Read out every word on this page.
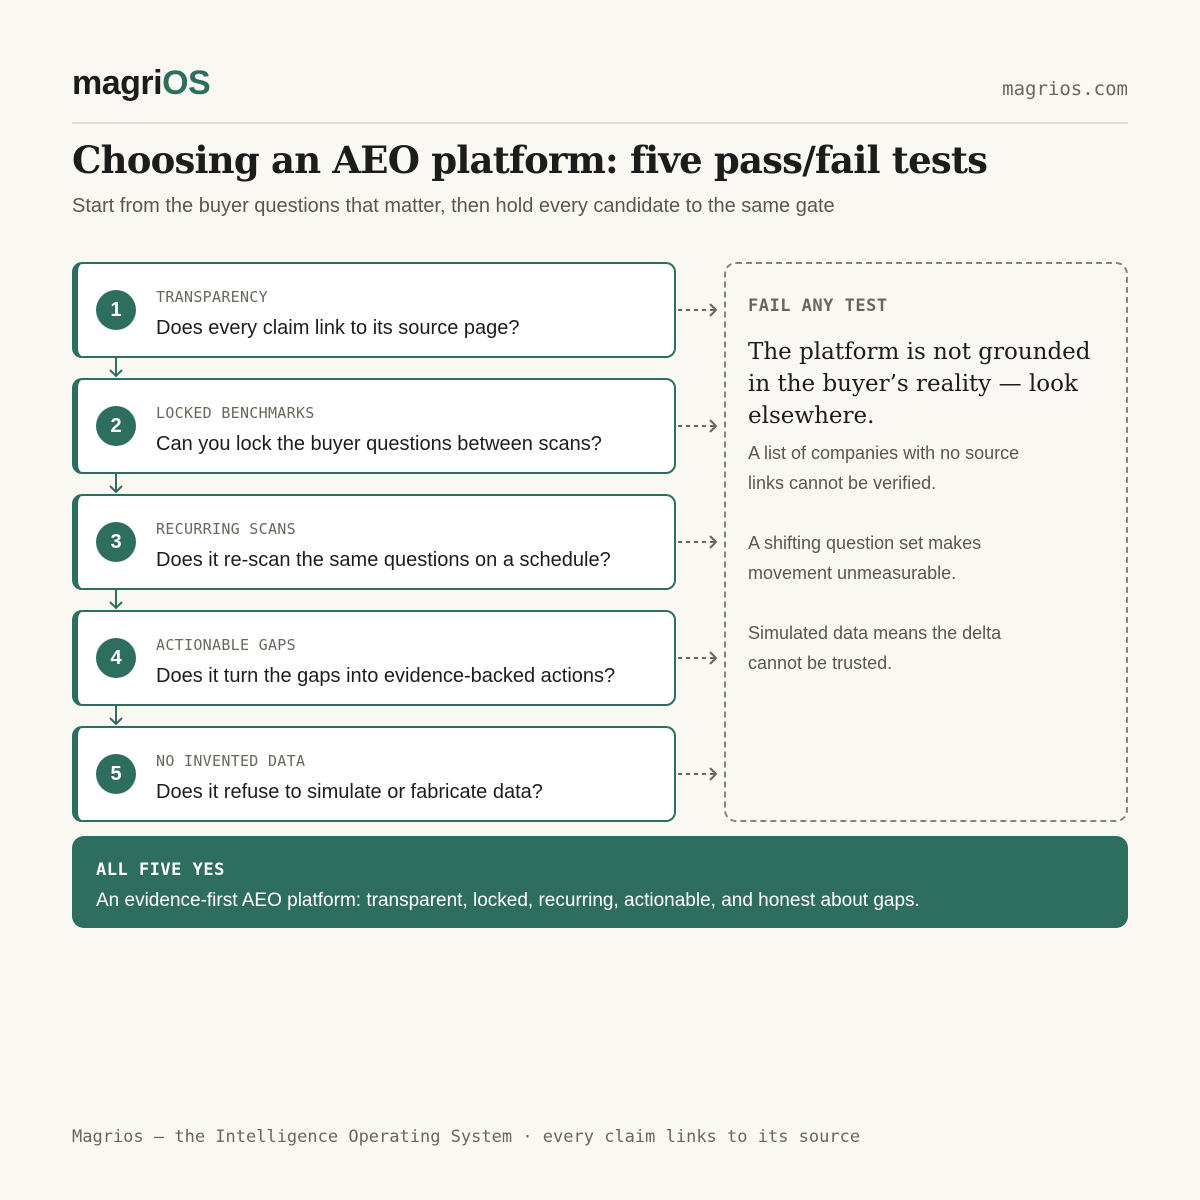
magriOS	magrios.com
Choosing an AEO platform: five pass/fail tests
Start from the buyer questions that matter, then hold every candidate to the same gate
1
TRANSPARENCY
Does every claim link to its source page?
2
LOCKED BENCHMARKS
Can you lock the buyer questions between scans?
3
RECURRING SCANS
Does it re-scan the same questions on a schedule?
4
ACTIONABLE GAPS
Does it turn the gaps into evidence-backed actions?
5
NO INVENTED DATA
Does it refuse to simulate or fabricate data?
FAIL ANY TEST
The platform is not grounded in the buyer’s reality — look elsewhere.
A list of companies with no source links cannot be verified.
A shifting question set makes movement unmeasurable.
Simulated data means the delta cannot be trusted.
ALL FIVE YES
An evidence-first AEO platform: transparent, locked, recurring, actionable, and honest about gaps.
Magrios — the Intelligence Operating System · every claim links to its source
